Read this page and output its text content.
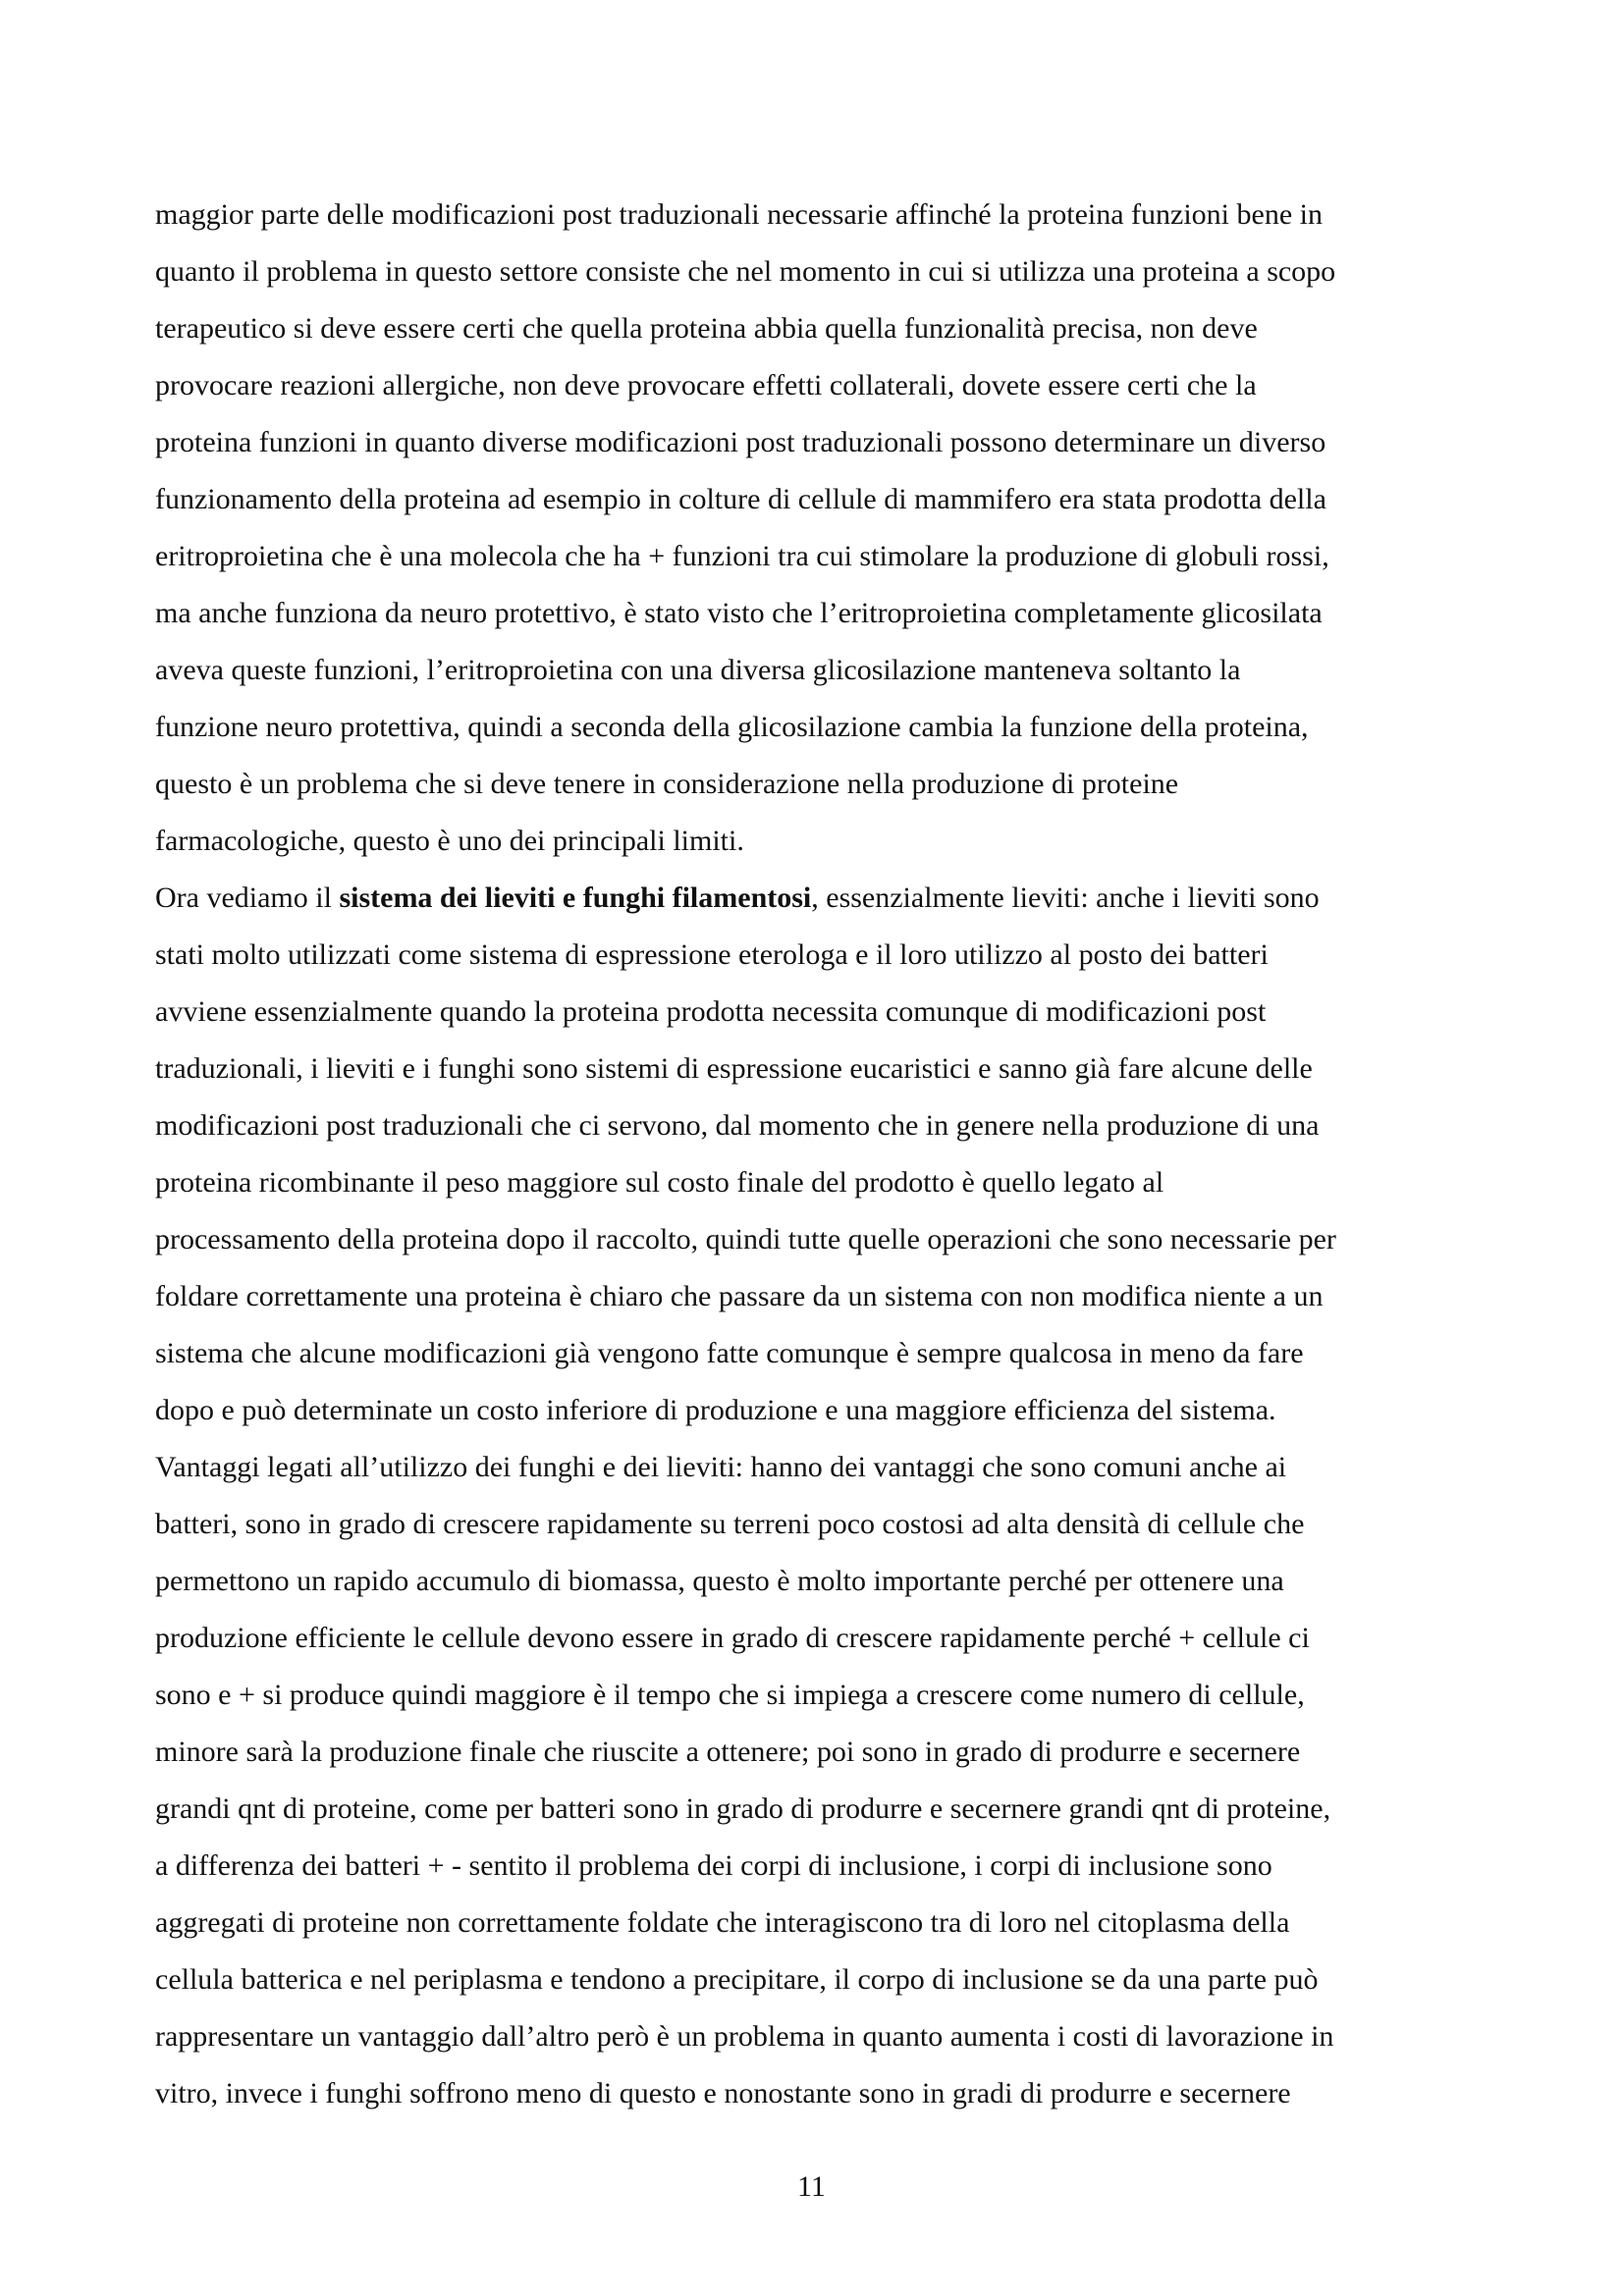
maggior parte delle modificazioni post traduzionali necessarie affinché la proteina funzioni bene in
quanto il problema in questo settore consiste che nel momento in cui si utilizza una proteina a scopo
terapeutico si deve essere certi che quella proteina abbia quella funzionalità precisa, non deve
provocare reazioni allergiche, non deve provocare effetti collaterali, dovete essere certi che la
proteina funzioni in quanto diverse modificazioni post traduzionali possono determinare un diverso
funzionamento della proteina ad esempio in colture di cellule di mammifero era stata prodotta della
eritroproietina che è una molecola che ha + funzioni tra cui stimolare la produzione di globuli rossi,
ma anche funziona da neuro protettivo, è stato visto che l’eritroproietina completamente glicosilata
aveva queste funzioni, l’eritroproietina con una diversa glicosilazione manteneva soltanto la
funzione neuro protettiva, quindi a seconda della glicosilazione cambia la funzione della proteina,
questo è un problema che si deve tenere in considerazione nella produzione di proteine
farmacologiche, questo è uno dei principali limiti.
Ora vediamo il sistema dei lieviti e funghi filamentosi, essenzialmente lieviti: anche i lieviti sono
stati molto utilizzati come sistema di espressione eterologa e il loro utilizzo al posto dei batteri
avviene essenzialmente quando la proteina prodotta necessita comunque di modificazioni post
traduzionali, i lieviti e i funghi sono sistemi di espressione eucaristici e sanno già fare alcune delle
modificazioni post traduzionali che ci servono, dal momento che in genere nella produzione di una
proteina ricombinante il peso maggiore sul costo finale del prodotto è quello legato al
processamento della proteina dopo il raccolto, quindi tutte quelle operazioni che sono necessarie per
foldare correttamente una proteina è chiaro che passare da un sistema con non modifica niente a un
sistema che alcune modificazioni già vengono fatte comunque è sempre qualcosa in meno da fare
dopo e può determinate un costo inferiore di produzione e una maggiore efficienza del sistema.
Vantaggi legati all’utilizzo dei funghi e dei lieviti: hanno dei vantaggi che sono comuni anche ai
batteri, sono in grado di crescere rapidamente su terreni poco costosi ad alta densità di cellule che
permettono un rapido accumulo di biomassa, questo è molto importante perché per ottenere una
produzione efficiente le cellule devono essere in grado di crescere rapidamente perché + cellule ci
sono e + si produce quindi maggiore è il tempo che si impiega a crescere come numero di cellule,
minore sarà la produzione finale che riuscite a ottenere; poi sono in grado di produrre e secernere
grandi qnt di proteine, come per batteri sono in grado di produrre e secernere grandi qnt di proteine,
a differenza dei batteri + - sentito il problema dei corpi di inclusione, i corpi di inclusione sono
aggregati di proteine non correttamente foldate che interagiscono tra di loro nel citoplasma della
cellula batterica e nel periplasma e tendono a precipitare, il corpo di inclusione se da una parte può
rappresentare un vantaggio dall’altro però è un problema in quanto aumenta i costi di lavorazione in
vitro, invece i funghi soffrono meno di questo e nonostante sono in gradi di produrre e secernere
11
